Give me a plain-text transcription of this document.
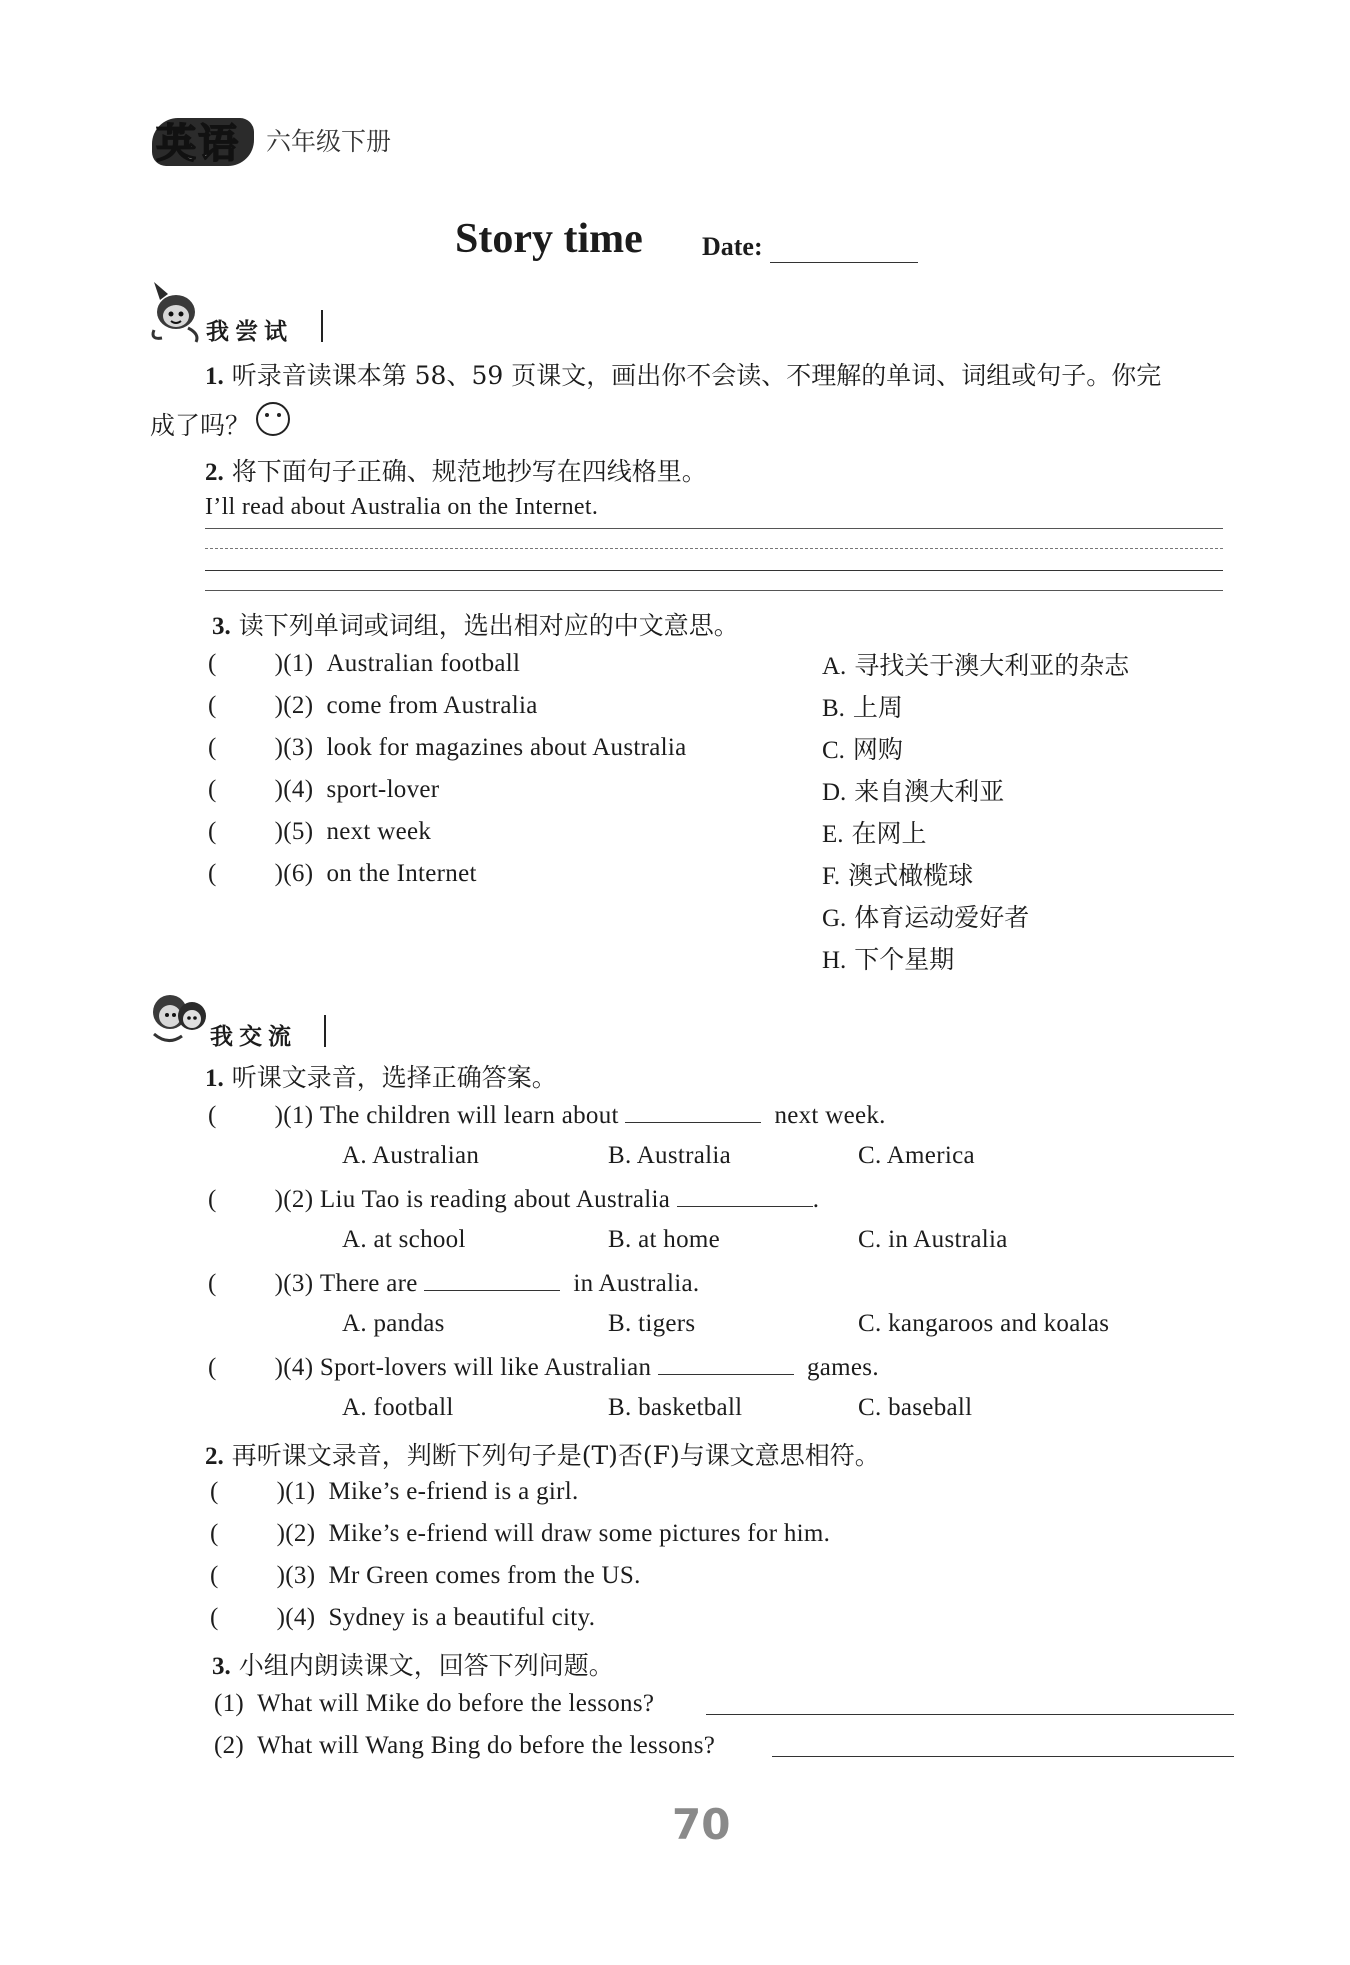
英语 六年级下册
Story time Date:
我尝试
1. 听录音读课本第 58、59 页课文，画出你不会读、不理解的单词、词组或句子。你完
成了吗？
2. 将下面句子正确、规范地抄写在四线格里。
I’ll read about Australia on the Internet.
3. 读下列单词或词组，选出相对应的中文意思。
( )(1) Australian football
( )(2) come from Australia
( )(3) look for magazines about Australia
( )(4) sport-lover
( )(5) next week
( )(6) on the Internet
A. 寻找关于澳大利亚的杂志
B. 上周
C. 网购
D. 来自澳大利亚
E. 在网上
F. 澳式橄榄球
G. 体育运动爱好者
H. 下个星期
我交流
1. 听课文录音，选择正确答案。
( )(1) The children will learn about	next week.
A. Australian	B. Australia	C. America
( )(2) Liu Tao is reading about Australia	.
A. at school	B. at home	C. in Australia
( )(3) There are	in Australia.
A. pandas	B. tigers	C. kangaroos and koalas
( )(4) Sport-lovers will like Australian	games.
A. football	B. basketball	C. baseball
2. 再听课文录音，判断下列句子是(T)否(F)与课文意思相符。
( )(1) Mike’s e-friend is a girl.
( )(2) Mike’s e-friend will draw some pictures for him.
( )(3) Mr Green comes from the US.
( )(4) Sydney is a beautiful city.
3. 小组内朗读课文，回答下列问题。
(1) What will Mike do before the lessons?
(2) What will Wang Bing do before the lessons?
70
